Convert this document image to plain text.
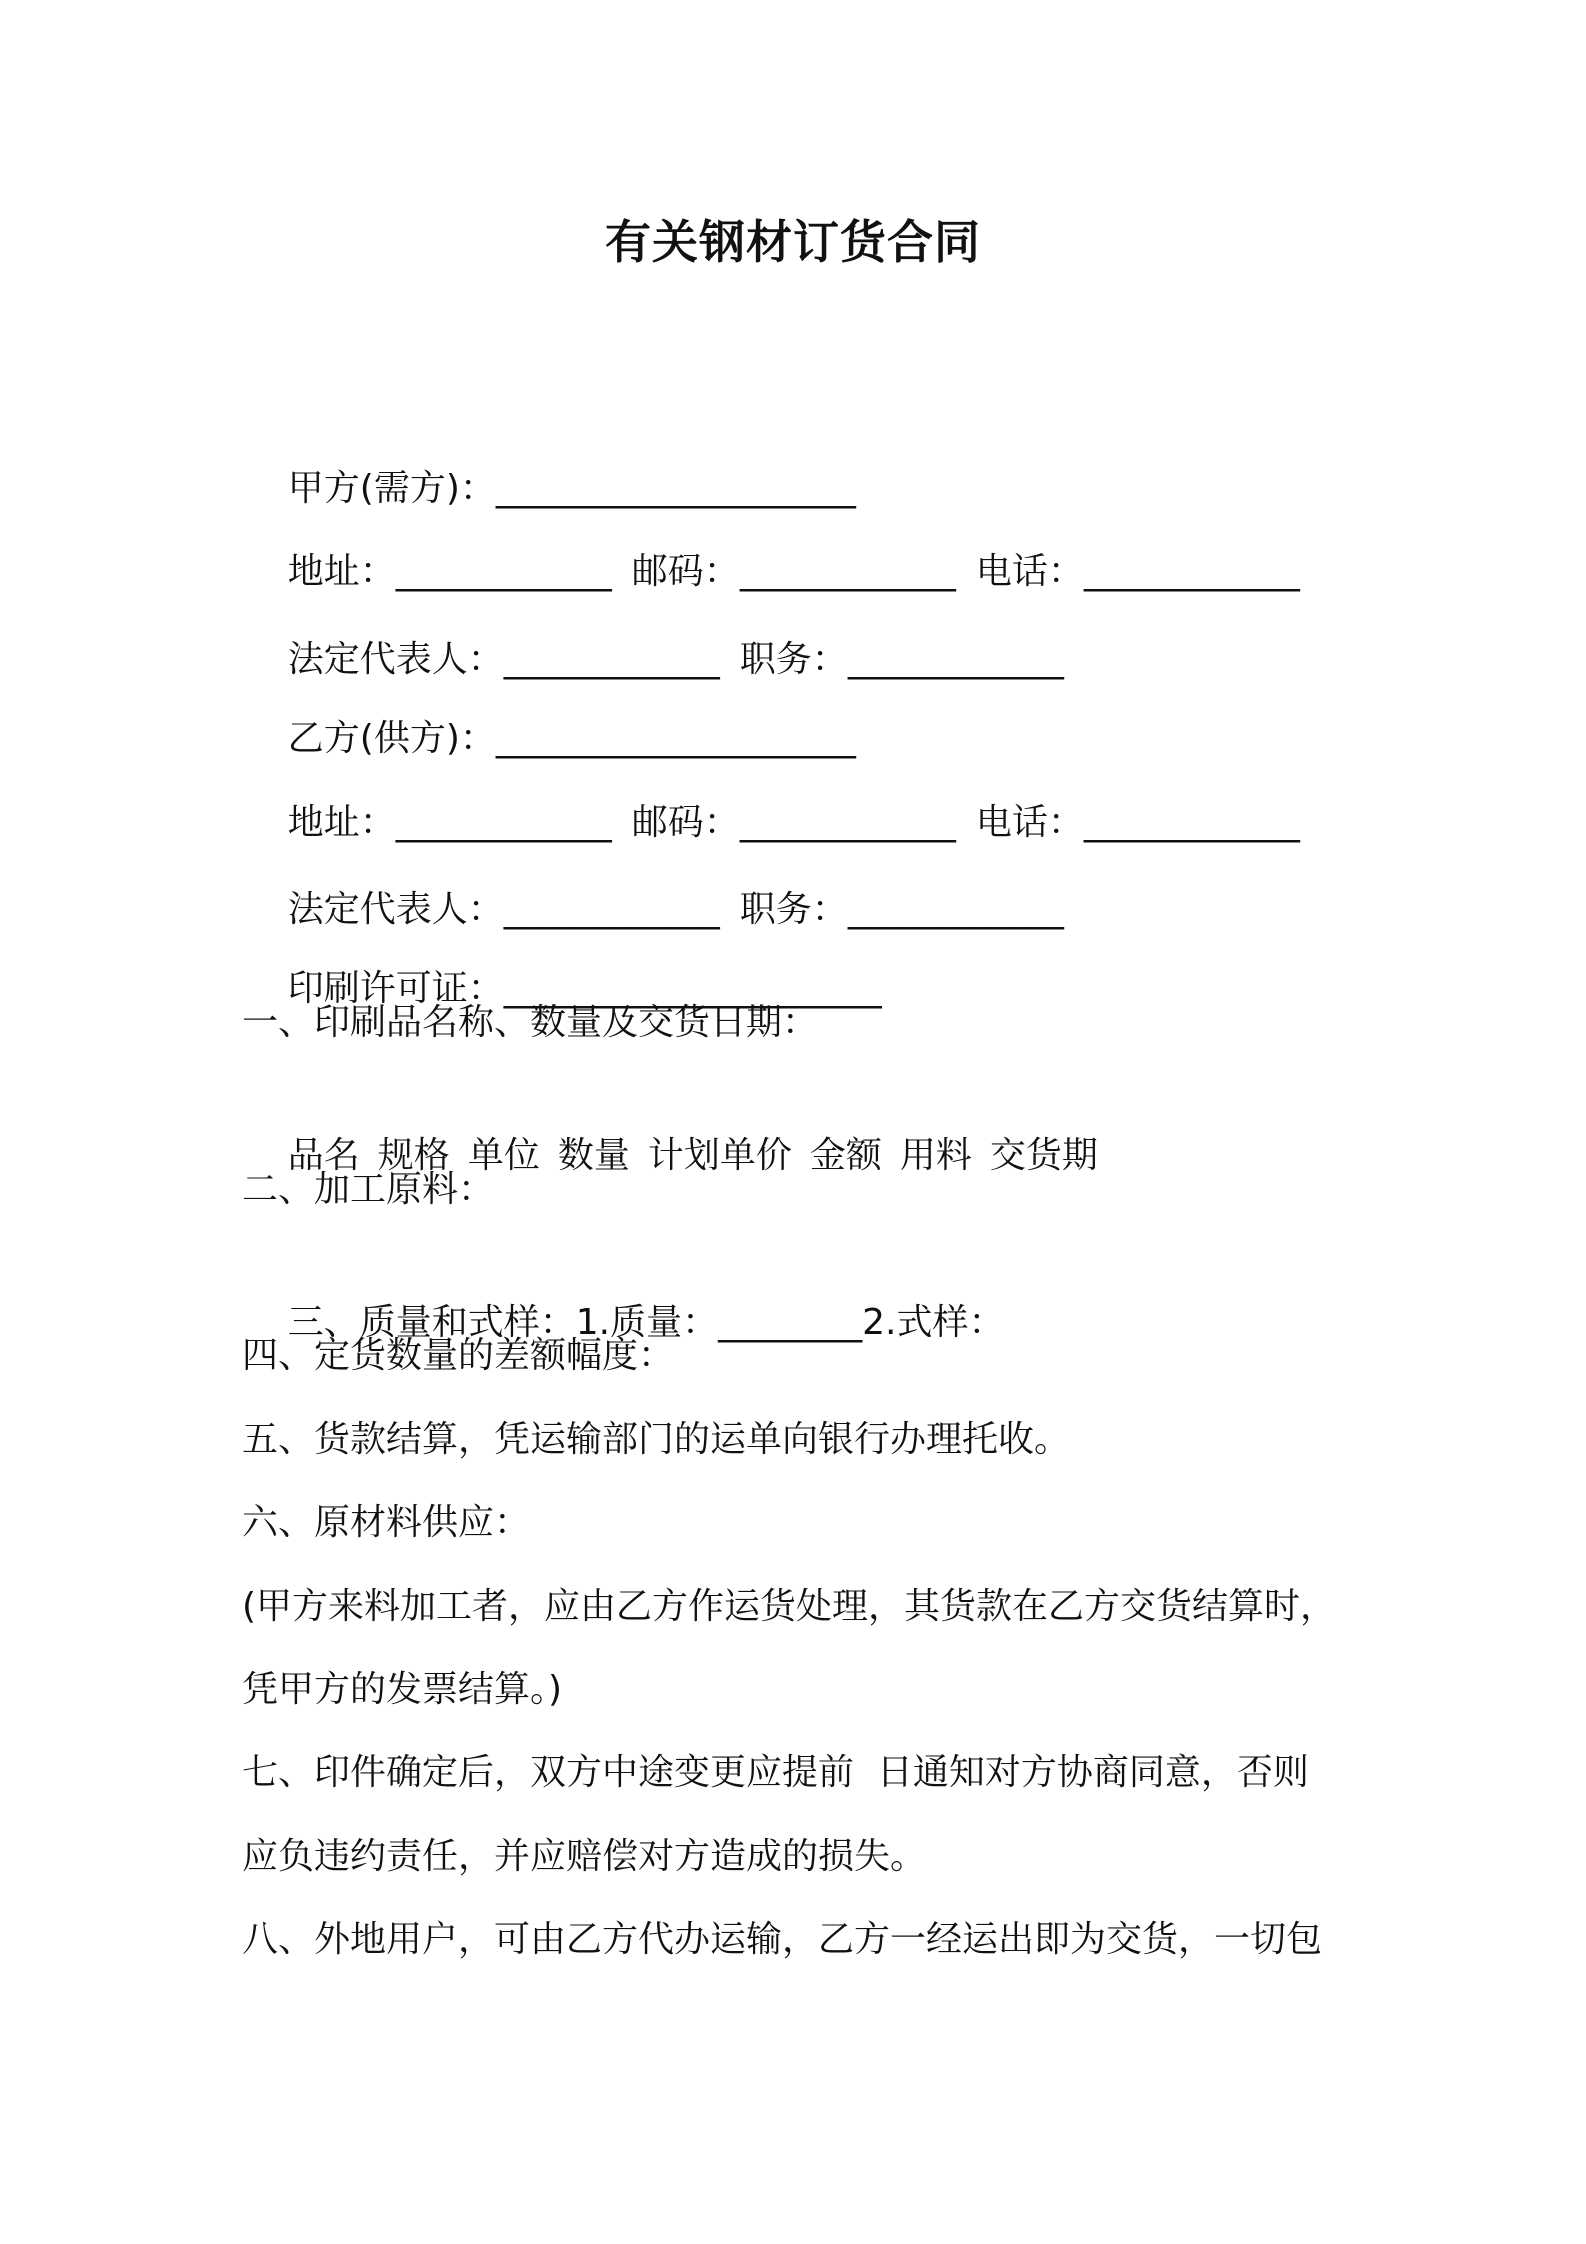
有关钢材订货合同

甲方(需方)：____________________

地址：____________ 邮码：____________ 电话：____________

法定代表人：____________ 职务：____________

乙方(供方)：____________________

地址：____________ 邮码：____________ 电话：____________

法定代表人：____________ 职务：____________

印刷许可证：_____________________

一、印刷品名称、数量及交货日期：

品名 规格 单位 数量 计划单价 金额 用料 交货期

二、加工原料：

三、质量和式样：1.质量：________2.式样：

四、定货数量的差额幅度：
五、货款结算，凭运输部门的运单向银行办理托收。
六、原材料供应：
(甲方来料加工者，应由乙方作运货处理，其货款在乙方交货结算时，
凭甲方的发票结算。)
七、印件确定后，双方中途变更应提前  日通知对方协商同意，否则
应负违约责任，并应赔偿对方造成的损失。
八、外地用户，可由乙方代办运输，乙方一经运出即为交货，一切包
